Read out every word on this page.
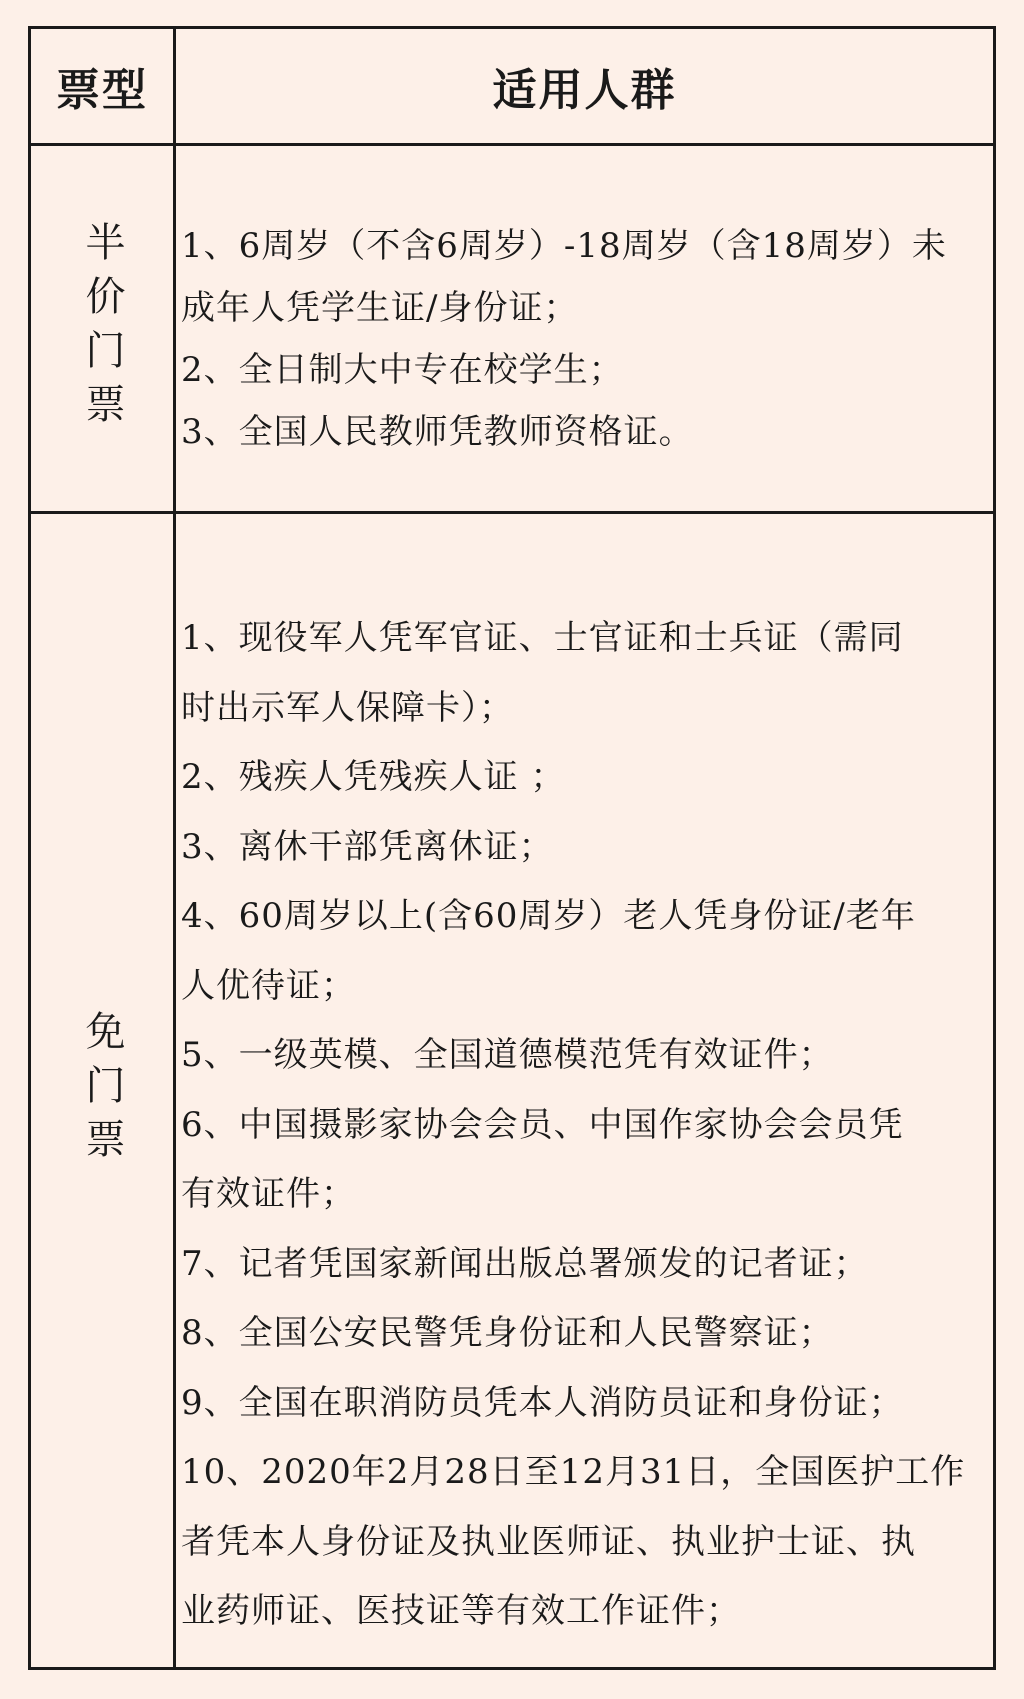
票型	适用人群
半价门票 1、6周岁（不含6周岁）-18周岁（含18周岁）未
成年人凭学生证/身份证；
2、全日制大中专在校学生；
3、全国人民教师凭教师资格证。
免门票
1、现役军人凭军官证、士官证和士兵证（需同
时出示军人保障卡）；
2、残疾人凭残疾人证 ；
3、离休干部凭离休证；
4、60周岁以上(含60周岁）老人凭身份证/老年
人优待证；
5、一级英模、全国道德模范凭有效证件；
6、中国摄影家协会会员、中国作家协会会员凭
有效证件；
7、记者凭国家新闻出版总署颁发的记者证；
8、全国公安民警凭身份证和人民警察证；
9、全国在职消防员凭本人消防员证和身份证；
10、2020年2月28日至12月31日，全国医护工作
者凭本人身份证及执业医师证、执业护士证、执
业药师证、医技证等有效工作证件；
